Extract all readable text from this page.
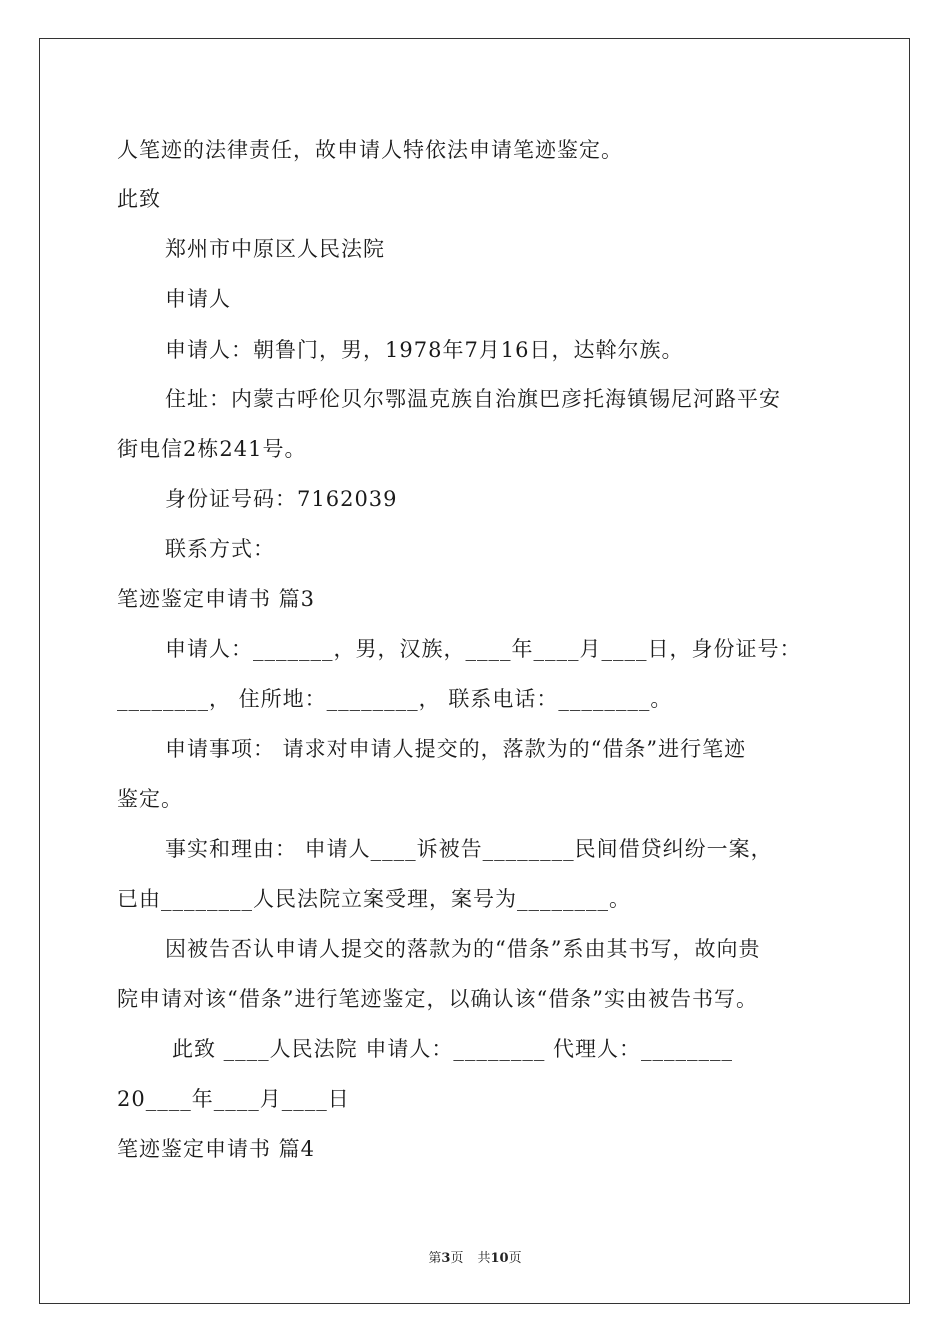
人笔迹的法律责任，故申请人特依法申请笔迹鉴定。
此致
郑州市中原区人民法院
申请人
申请人：朝鲁门，男，1978年7月16日，达斡尔族。
住址：内蒙古呼伦贝尔鄂温克族自治旗巴彦托海镇锡尼河路平安
街电信2栋241号。
身份证号码：7162039
联系方式：
笔迹鉴定申请书 篇3
申请人：_______，男，汉族，____年____月____日，身份证号：
________， 住所地：________， 联系电话：________。
申请事项： 请求对申请人提交的，落款为的“借条”进行笔迹
鉴定。
事实和理由： 申请人____诉被告________民间借贷纠纷一案，
已由________人民法院立案受理，案号为________。
因被告否认申请人提交的落款为的“借条”系由其书写，故向贵
院申请对该“借条”进行笔迹鉴定，以确认该“借条”实由被告书写。
此致 ____人民法院 申请人：________ 代理人：________
20____年____月____日
笔迹鉴定申请书 篇4
第3页 共10页
